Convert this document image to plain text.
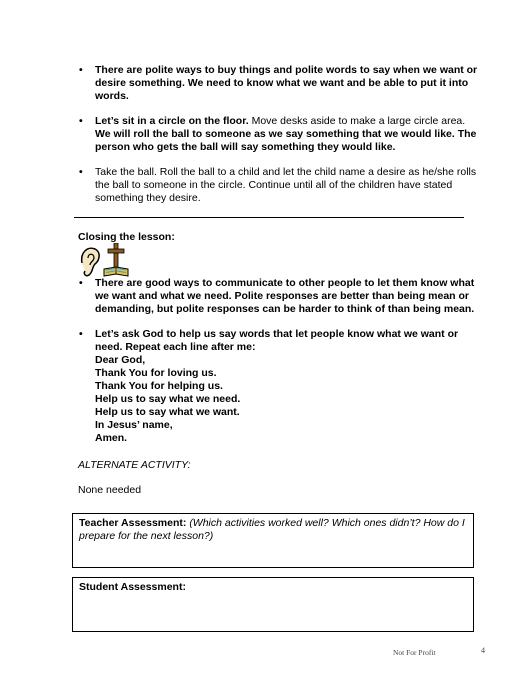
• There are polite ways to buy things and polite words to say when we want or desire something. We need to know what we want and be able to put it into words.
• Let’s sit in a circle on the floor. Move desks aside to make a large circle area. We will roll the ball to someone as we say something that we would like. The person who gets the ball will say something they would like.
• Take the ball. Roll the ball to a child and let the child name a desire as he/she rolls the ball to someone in the circle. Continue until all of the children have stated something they desire.
Closing the lesson:
• There are good ways to communicate to other people to let them know what we want and what we need. Polite responses are better than being mean or demanding, but polite responses can be harder to think of than being mean.
• Let’s ask God to help us say words that let people know what we want or need. Repeat each line after me:
Dear God,
Thank You for loving us.
Thank You for helping us.
Help us to say what we need.
Help us to say what we want.
In Jesus’ name,
Amen.
ALTERNATE ACTIVITY:
None needed
Teacher Assessment: (Which activities worked well? Which ones didn’t? How do I prepare for the next lesson?)
Student Assessment:
Not For Profit	4
